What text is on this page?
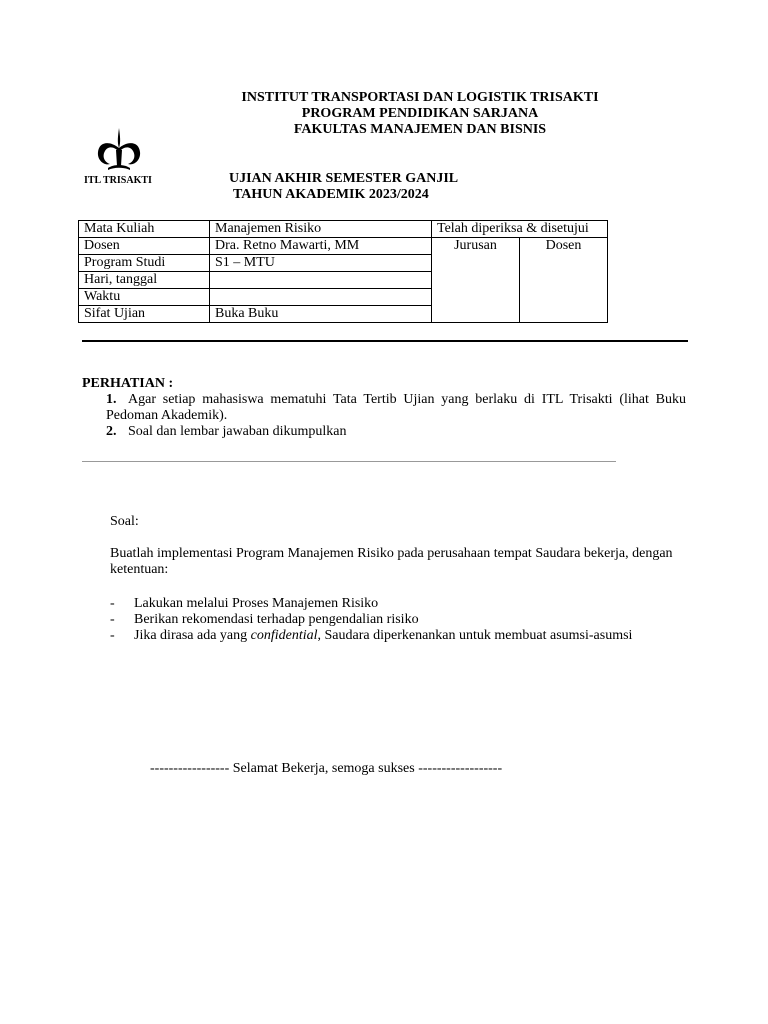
INSTITUT TRANSPORTASI DAN LOGISTIK TRISAKTI
PROGRAM PENDIDIKAN SARJANA
FAKULTAS MANAJEMEN DAN BISNIS
ITL TRISAKTI	UJIAN AKHIR SEMESTER GANJIL
TAHUN AKADEMIK 2023/2024
Mata Kuliah	Manajemen Risiko	Telah diperiksa & disetujui	
Dosen	Dra. Retno Mawarti, MM	Jurusan	Dosen
Program Studi	S1 – MTU		
Hari, tanggal			
Waktu			
Sifat Ujian	Buka Buku		
PERHATIAN :
1. Agar setiap mahasiswa mematuhi Tata Tertib Ujian yang berlaku di ITL Trisakti (lihat Buku Pedoman Akademik).
2. Soal dan lembar jawaban dikumpulkan
Soal:
Buatlah implementasi Program Manajemen Risiko pada perusahaan tempat Saudara bekerja, dengan ketentuan:
- Lakukan melalui Proses Manajemen Risiko
- Berikan rekomendasi terhadap pengendalian risiko
- Jika dirasa ada yang confidential, Saudara diperkenankan untuk membuat asumsi-asumsi
----------------- Selamat Bekerja, semoga sukses ------------------
